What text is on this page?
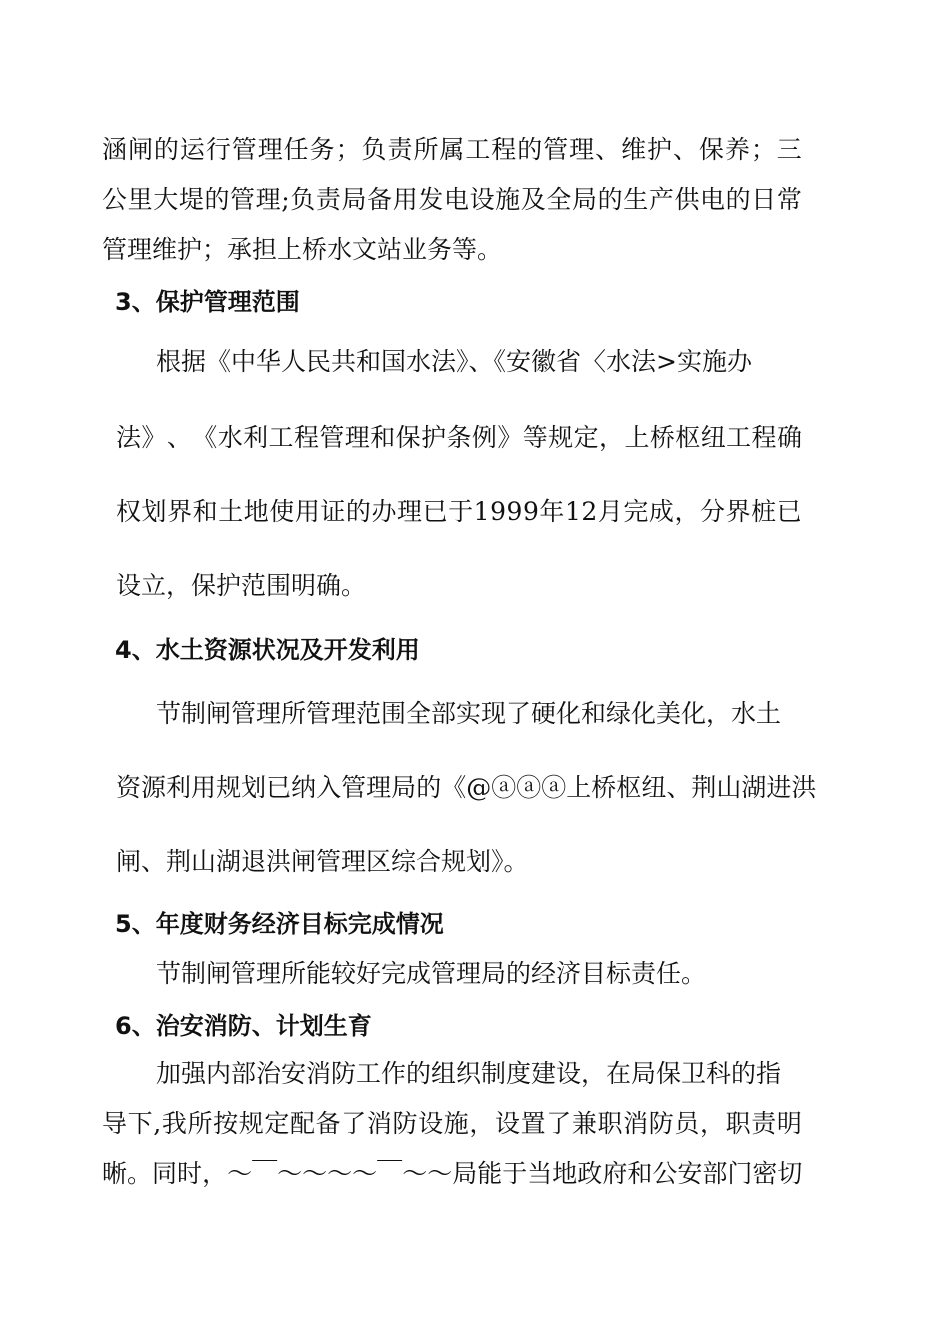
涵 闸 的 运 行 管 理 任 务 ； 负 责 所 属 工 程 的 管 理 、 维 护 、 保 养 ； 三
公 里 大 堤 的 管 理 ; 负 责 局 备 用 发 电 设 施 及 全 局 的 生 产 供 电 的 日 常
管理维护；承担上桥水文站业务等。
3、保护管理范围
根据《中华人民共和国水法》、《安徽省〈水法>实施办
法 》 、 《 水 利 工 程 管 理 和 保 护 条 例 》 等 规 定 ， 上 桥 枢 纽 工 程 确
权 划 界 和 土 地 使 用 证 的 办 理 已 于 1 9 9 9 年 1 2 月 完 成 ， 分 界 桩 已
设立，保护范围明确。
4、水土资源状况及开发利用
节制闸管理所管理范围全部实现了硬化和绿化美化，水土
资 源 利 用 规 划 已 纳 入 管 理 局 的 《 @ ⓐ ⓐ ⓐ 上 桥 枢 纽 、 荆 山 湖 进 洪
闸、荆山湖退洪闸管理区综合规划》。
5、年度财务经济目标完成情况
节制闸管理所能较好完成管理局的经济目标责任。
6、治安消防、计划生育
加强内部治安消防工作的组织制度建设，在局保卫科的指
导 下 , 我 所 按 规 定 配 备 了 消 防 设 施 ， 设 置 了 兼 职 消 防 员 ， 职 责 明
晰 。 同 时 ， ～ ￣ ～ ～ ～ ～ ￣ ～ ～ 局 能 于 当 地 政 府 和 公 安 部 门 密 切
